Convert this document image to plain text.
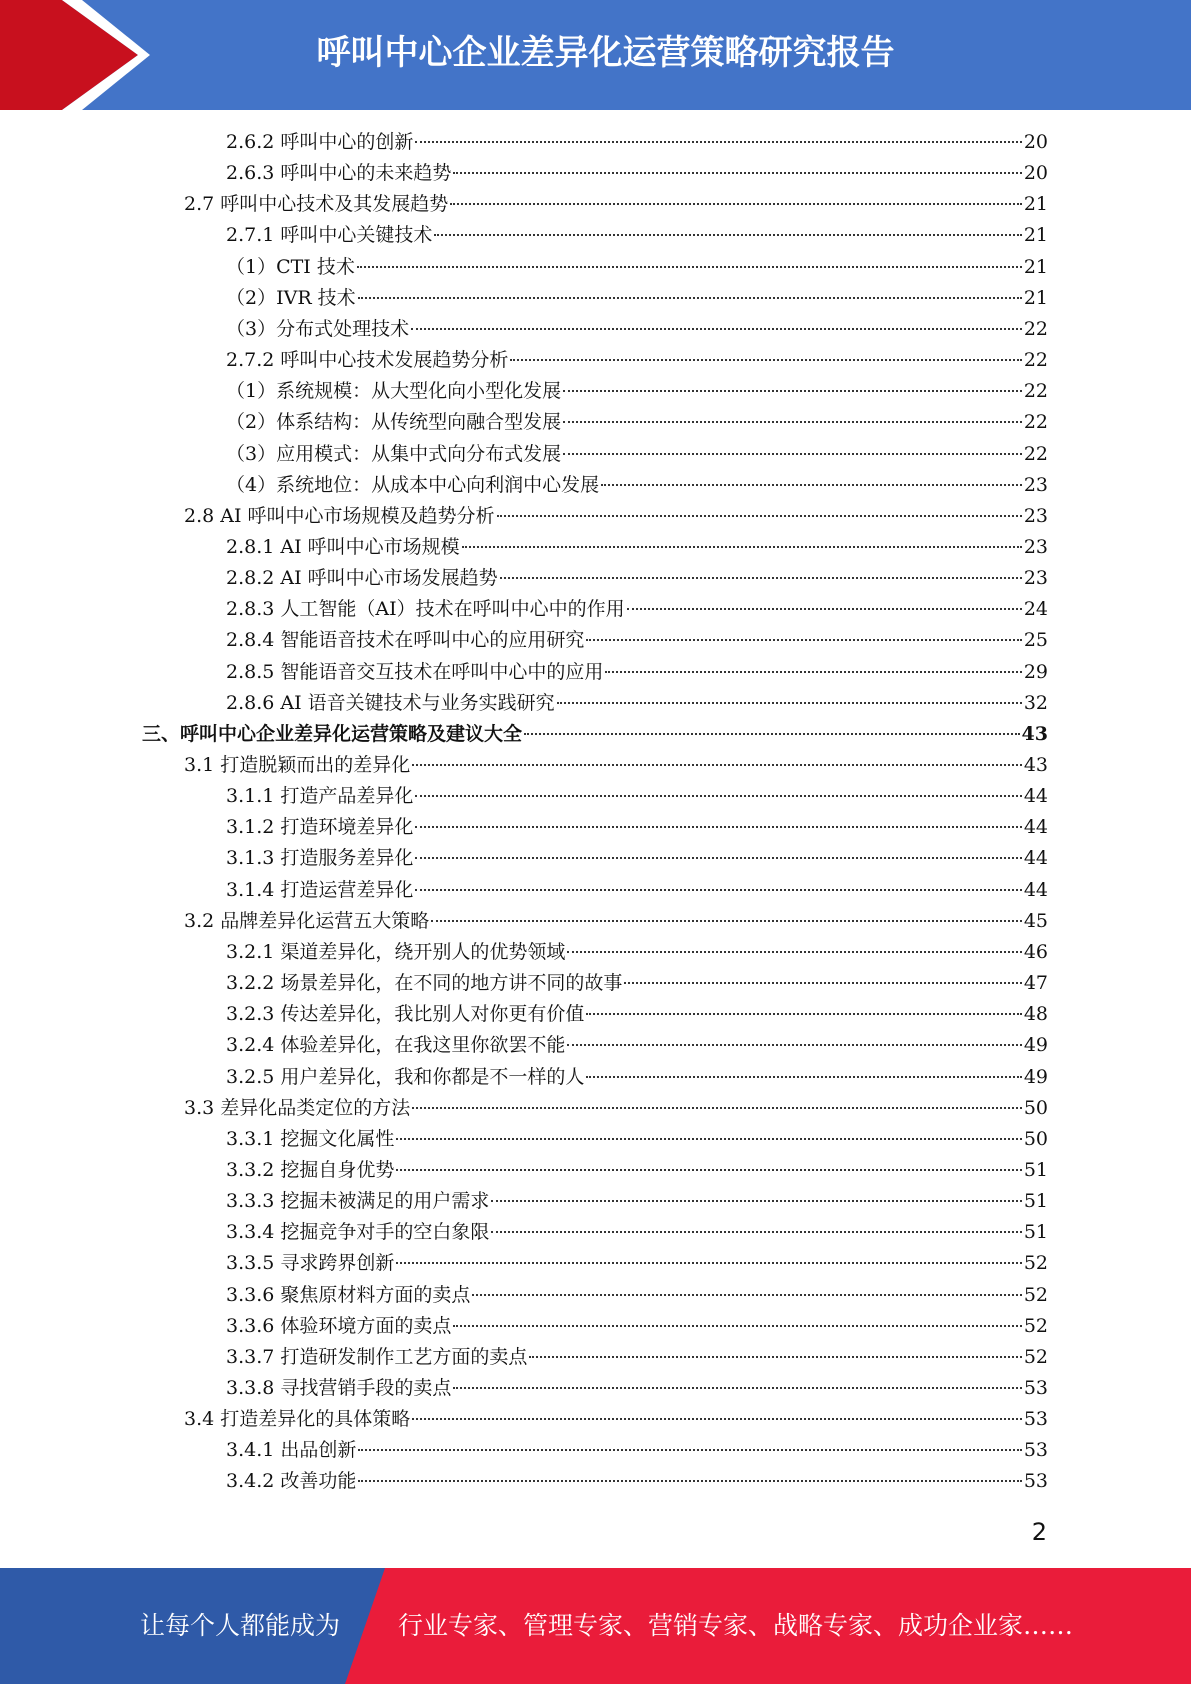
呼叫中心企业差异化运营策略研究报告
2.6.2 呼叫中心的创新	20
2.6.3 呼叫中心的未来趋势	20
2.7 呼叫中心技术及其发展趋势	21
2.7.1 呼叫中心关键技术	21
（1）CTI 技术	21
（2）IVR 技术	21
（3）分布式处理技术	22
2.7.2 呼叫中心技术发展趋势分析	22
（1）系统规模：从大型化向小型化发展	22
（2）体系结构：从传统型向融合型发展	22
（3）应用模式：从集中式向分布式发展	22
（4）系统地位：从成本中心向利润中心发展	23
2.8 AI 呼叫中心市场规模及趋势分析	23
2.8.1 AI 呼叫中心市场规模	23
2.8.2 AI 呼叫中心市场发展趋势	23
2.8.3 人工智能（AI）技术在呼叫中心中的作用	24
2.8.4 智能语音技术在呼叫中心的应用研究	25
2.8.5 智能语音交互技术在呼叫中心中的应用	29
2.8.6 AI 语音关键技术与业务实践研究	32
三、呼叫中心企业差异化运营策略及建议大全	43
3.1 打造脱颖而出的差异化	43
3.1.1 打造产品差异化	44
3.1.2 打造环境差异化	44
3.1.3 打造服务差异化	44
3.1.4 打造运营差异化	44
3.2 品牌差异化运营五大策略	45
3.2.1 渠道差异化，绕开别人的优势领域	46
3.2.2 场景差异化，在不同的地方讲不同的故事	47
3.2.3 传达差异化，我比别人对你更有价值	48
3.2.4 体验差异化，在我这里你欲罢不能	49
3.2.5 用户差异化，我和你都是不一样的人	49
3.3 差异化品类定位的方法	50
3.3.1 挖掘文化属性	50
3.3.2 挖掘自身优势	51
3.3.3 挖掘未被满足的用户需求	51
3.3.4 挖掘竞争对手的空白象限	51
3.3.5 寻求跨界创新	52
3.3.6 聚焦原材料方面的卖点	52
3.3.6 体验环境方面的卖点	52
3.3.7 打造研发制作工艺方面的卖点	52
3.3.8 寻找营销手段的卖点	53
3.4 打造差异化的具体策略	53
3.4.1 出品创新	53
3.4.2 改善功能	53
2
让每个人都能成为 行业专家、管理专家、营销专家、战略专家、成功企业家……
